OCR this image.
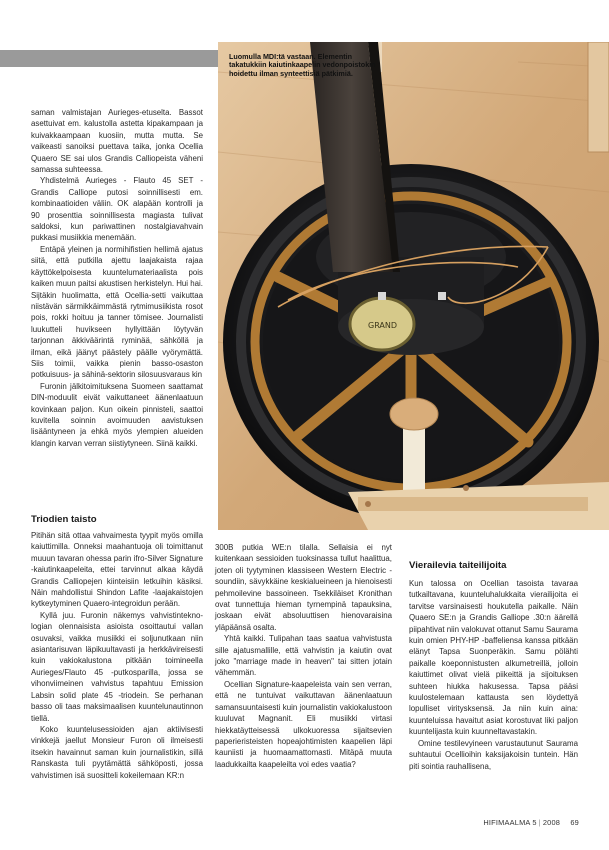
GRAND
Luomulla MDI:tä vastaan. Elementin takatukkiin kaiutinkaapelin vedonpoistokin hoidettu ilman synteettisiä pätkimiä.

saman valmistajan Aurieges-etuselta. Bassot asettuivat em. kalustolla astetta kipakampaan ja kuivakkaampaan kuosiin, mutta mutta. Se vaikeasti sanoiksi puettava taika, jonka Ocellia Quaero SE sai ulos Grandis Calliopeista väheni samassa suhteessa.

Yhdistelmä Aurieges - Flauto 45 SET - Grandis Calliope putosi soinnillisesti em. kombinaatioiden väliin. OK alapään kontrolli ja 90 prosenttia soinnillisesta magiasta tulivat saldoksi, kun pariwattinen nostalgiavahvain pukkasi musiikkia menemään.

Entäpä yleinen ja normihifistien hellimä ajatus siitä, että putkilla ajettu laajakaista rajaa käyttökelpoisesta kuuntelumateriaalista pois kaiken muun paitsi akustisen herkistelyn. Hui hai. Sijtäkin huolimatta, että Ocellia-setti vaikuttaa niistävän särmikkäimmästä rytmimusiikista rosot pois, rokki hoituu ja tanner tömisee. Journalisti luukutteli huvikseen hyllyittään löytyvän tarjonnan äkkiväärintä ryminää, sähköllä ja ilman, eikä jäänyt päästely päälle vyörymättä. Siis toimii, vaikka pienin basso-osaston potkuisuus- ja sähinä-sektorin silosuusvaraus kin

Furonin jälkitoimituksena Suomeen saattamat DIN-moduulit eivät vaikuttaneet äänenlaatuun kovinkaan paljon. Kun oikein pinnisteli, saattoi kuvitella soinnin avoimuuden aavistuksen lisääntyneen ja ehkä myös ylempien alueiden klangin karvan verran siistiytyneen. Siinä kaikki.

Triodien taisto

Pitihän sitä ottaa vahvaimesta tyypit myös omilla kaiuttimilla. Onneksi maahantuoja oli toimittanut muuun tavaran ohessa parin ifro-Silver Signature -kaiutinkaapeleita, ettei tarvinnut alkaa käydä Grandis Calliopejen kiinteisiin letkuihin käsiksi. Näin mahdollistui Shindon Lafite -laajakaistojen kytkeytyminen Quaero-integroidun perään.

Kyllä juu. Furonin näkemys vahvistinteknologian olennaisista asioista osoittautui vallan osuvaksi, vaikka musiikki ei soljunutkaan niin asiantarisuvan läpikuultavasti ja herkkävireisesti kuin vakiokalustona pitkään toimineella Aurieges/Flauto 45 -putkosparilla, jossa se vihonviimeinen vahvistus tapahtuu Emission Labsin solid plate 45 -triodein. Se perhanan basso oli taas maksimaalisen kuuntelunautinnon tiellä.

Koko kuuntelusessioiden ajan aktiivisesti vinkkejä jaellut Monsieur Furon oli ilmeisesti itsekin havainnut saman kuin journalistikin, sillä Ranskasta tuli pyytämättä sähköposti, jossa vahvistimen isä suositteli kokeilemaan KR:n

300B putkia WE:n tilalla. Sellaisia ei nyt kuitenkaan sessioiden tuoksinassa tullut haalittua, joten oli tyytyminen klassiseen Western Electric -soundiin, sävykkäine keskialueineen ja hienoisesti pehmoilevine bassoineen. Tsekkiläiset Kronithan ovat tunnettuja hieman tyrnempinä tapauksina, joskaan eivät absoluuttisen hienovaraisina yläpäänsä osalta.

Yhtä kaikki. Tulipahan taas saatua vahvistusta sille ajatusmallille, että vahvistin ja kaiutin ovat joko "marriage made in heaven" tai sitten jotain vähemmän.

Ocellian Signature-kaapeleista vain sen verran, että ne tuntuivat vaikuttavan äänenlaatuun samansuuntaisesti kuin journalistin vakiokalustoon kuuluvat Magnanit. Eli musiikki virtasi hiekkatäytteisessä ulkokuoressa sijaitsevien paperieristeisten hopeajohtimisten kaapelien läpi kauniisti ja huomaamattomasti. Mitäpä muuta laadukkailta kaapeleilta voi edes vaatia?

Vierailevia taiteilijoita

Kun talossa on Ocellian tasoista tavaraa tutkailtavana, kuunteluhalukkaita vierailijoita ei tarvitse varsinaisesti houkutella paikalle. Näin Quaero SE:n ja Grandis Galliope .30:n äärellä piipahtivat niin valokuvat ottanut Samu Saurama kuin omien PHY-HP -baffeliensa kanssa pitkään elänyt Tapsa Suonperäkin. Samu pölähti paikalle koeponnistusten alkumetreillä, jolloin kaiuttimet olivat vielä piikeittä ja sijoituksen suhteen hiukka hakusessa. Tapsa pääsi kuulostelemaan kattausta sen löydettyä lopulliset viritysksensä. Ja niin kuin aina: kuunteluissa havaitut asiat korostuvat liki paljon kuuntelijasta kuin kuunneltavastakin.

Omine testilevyineen varustautunut Saurama suhtautui Ocellioihin kaksijakoisin tuntein. Hän piti sointia rauhallisena,

HIFIMAALMA 5 | 2008 69
